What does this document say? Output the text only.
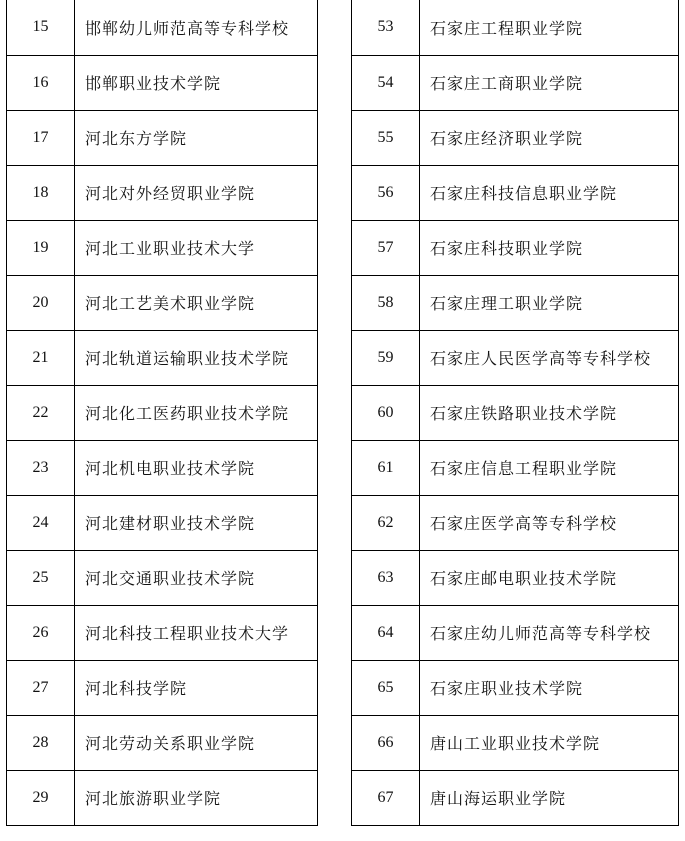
15	邯郸幼儿师范高等专科学校
16	邯郸职业技术学院
17	河北东方学院
18	河北对外经贸职业学院
19	河北工业职业技术大学
20	河北工艺美术职业学院
21	河北轨道运输职业技术学院
22	河北化工医药职业技术学院
23	河北机电职业技术学院
24	河北建材职业技术学院
25	河北交通职业技术学院
26	河北科技工程职业技术大学
27	河北科技学院
28	河北劳动关系职业学院
29	河北旅游职业学院
53	石家庄工程职业学院
54	石家庄工商职业学院
55	石家庄经济职业学院
56	石家庄科技信息职业学院
57	石家庄科技职业学院
58	石家庄理工职业学院
59	石家庄人民医学高等专科学校
60	石家庄铁路职业技术学院
61	石家庄信息工程职业学院
62	石家庄医学高等专科学校
63	石家庄邮电职业技术学院
64	石家庄幼儿师范高等专科学校
65	石家庄职业技术学院
66	唐山工业职业技术学院
67	唐山海运职业学院
